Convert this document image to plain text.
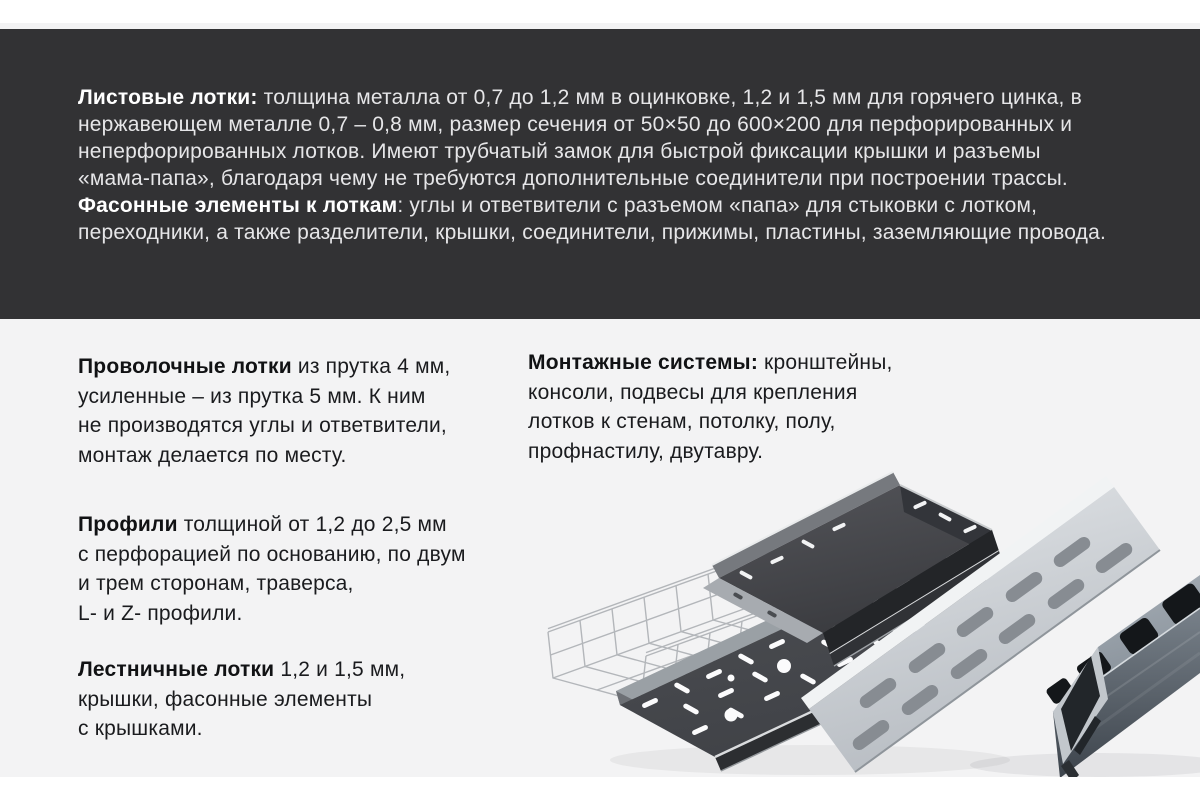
Листовые лотки: толщина металла от 0,7 до 1,2 мм в оцинковке, 1,2 и 1,5 мм для горячего цинка, в нержавеющем металле 0,7 – 0,8 мм, размер сечения от 50×50 до 600×200 для перфорированных и неперфорированных лотков. Имеют трубчатый замок для быстрой фиксации крышки и разъемы «мама-папа», благодаря чему не требуются дополнительные соединители при построении трассы. Фасонные элементы к лоткам: углы и ответвители с разъемом «папа» для стыковки с лотком, переходники, а также разделители, крышки, соединители, прижимы, пластины, заземляющие провода.

Проволочные лотки из прутка 4 мм,
усиленные – из прутка 5 мм. К ним
не производятся углы и ответвители,
монтаж делается по месту.
Монтажные системы: кронштейны,
консоли, подвесы для крепления
лотков к стенам, потолку, полу,
профнастилу, двутавру.
Профили толщиной от 1,2 до 2,5 мм
с перфорацией по основанию, по двум
и трем сторонам, траверса,
L- и Z- профили.
Лестничные лотки 1,2 и 1,5 мм,
крышки, фасонные элементы
с крышками.
